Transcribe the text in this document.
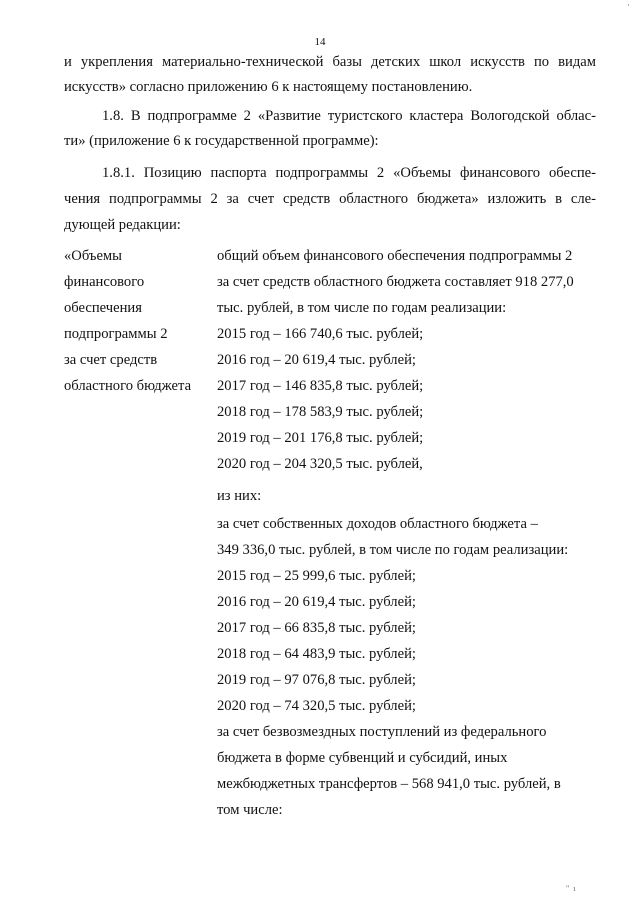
·
14
и укрепления материально-технической базы детских школ искусств по видам
искусств» согласно приложению 6 к настоящему постановлению.
1.8. В подпрограмме 2 «Развитие туристского кластера Вологодской облас-
ти» (приложение 6 к государственной программе):
1.8.1. Позицию паспорта подпрограммы 2 «Объемы финансового обеспе-
чения подпрограммы 2 за счет средств областного бюджета» изложить в сле-
дующей редакции:
«Объемы
финансового
обеспечения
подпрограммы 2
за счет средств
областного бюджета
общий объем финансового обеспечения подпрограммы 2
за счет средств областного бюджета составляет 918 277,0
тыс. рублей, в том числе по годам реализации:
2015 год – 166 740,6 тыс. рублей;
2016 год – 20 619,4 тыс. рублей;
2017 год – 146 835,8 тыс. рублей;
2018 год – 178 583,9 тыс. рублей;
2019 год – 201 176,8 тыс. рублей;
2020 год – 204 320,5 тыс. рублей,
из них:
за счет собственных доходов областного бюджета –
349 336,0 тыс. рублей, в том числе по годам реализации:
2015 год – 25 999,6 тыс. рублей;
2016 год – 20 619,4 тыс. рублей;
2017 год – 66 835,8 тыс. рублей;
2018 год – 64 483,9 тыс. рублей;
2019 год – 97 076,8 тыс. рублей;
2020 год – 74 320,5 тыс. рублей;
за счет безвозмездных поступлений из федерального
бюджета в форме субвенций и субсидий, иных
межбюджетных трансфертов – 568 941,0 тыс. рублей, в
том числе:
" ı
